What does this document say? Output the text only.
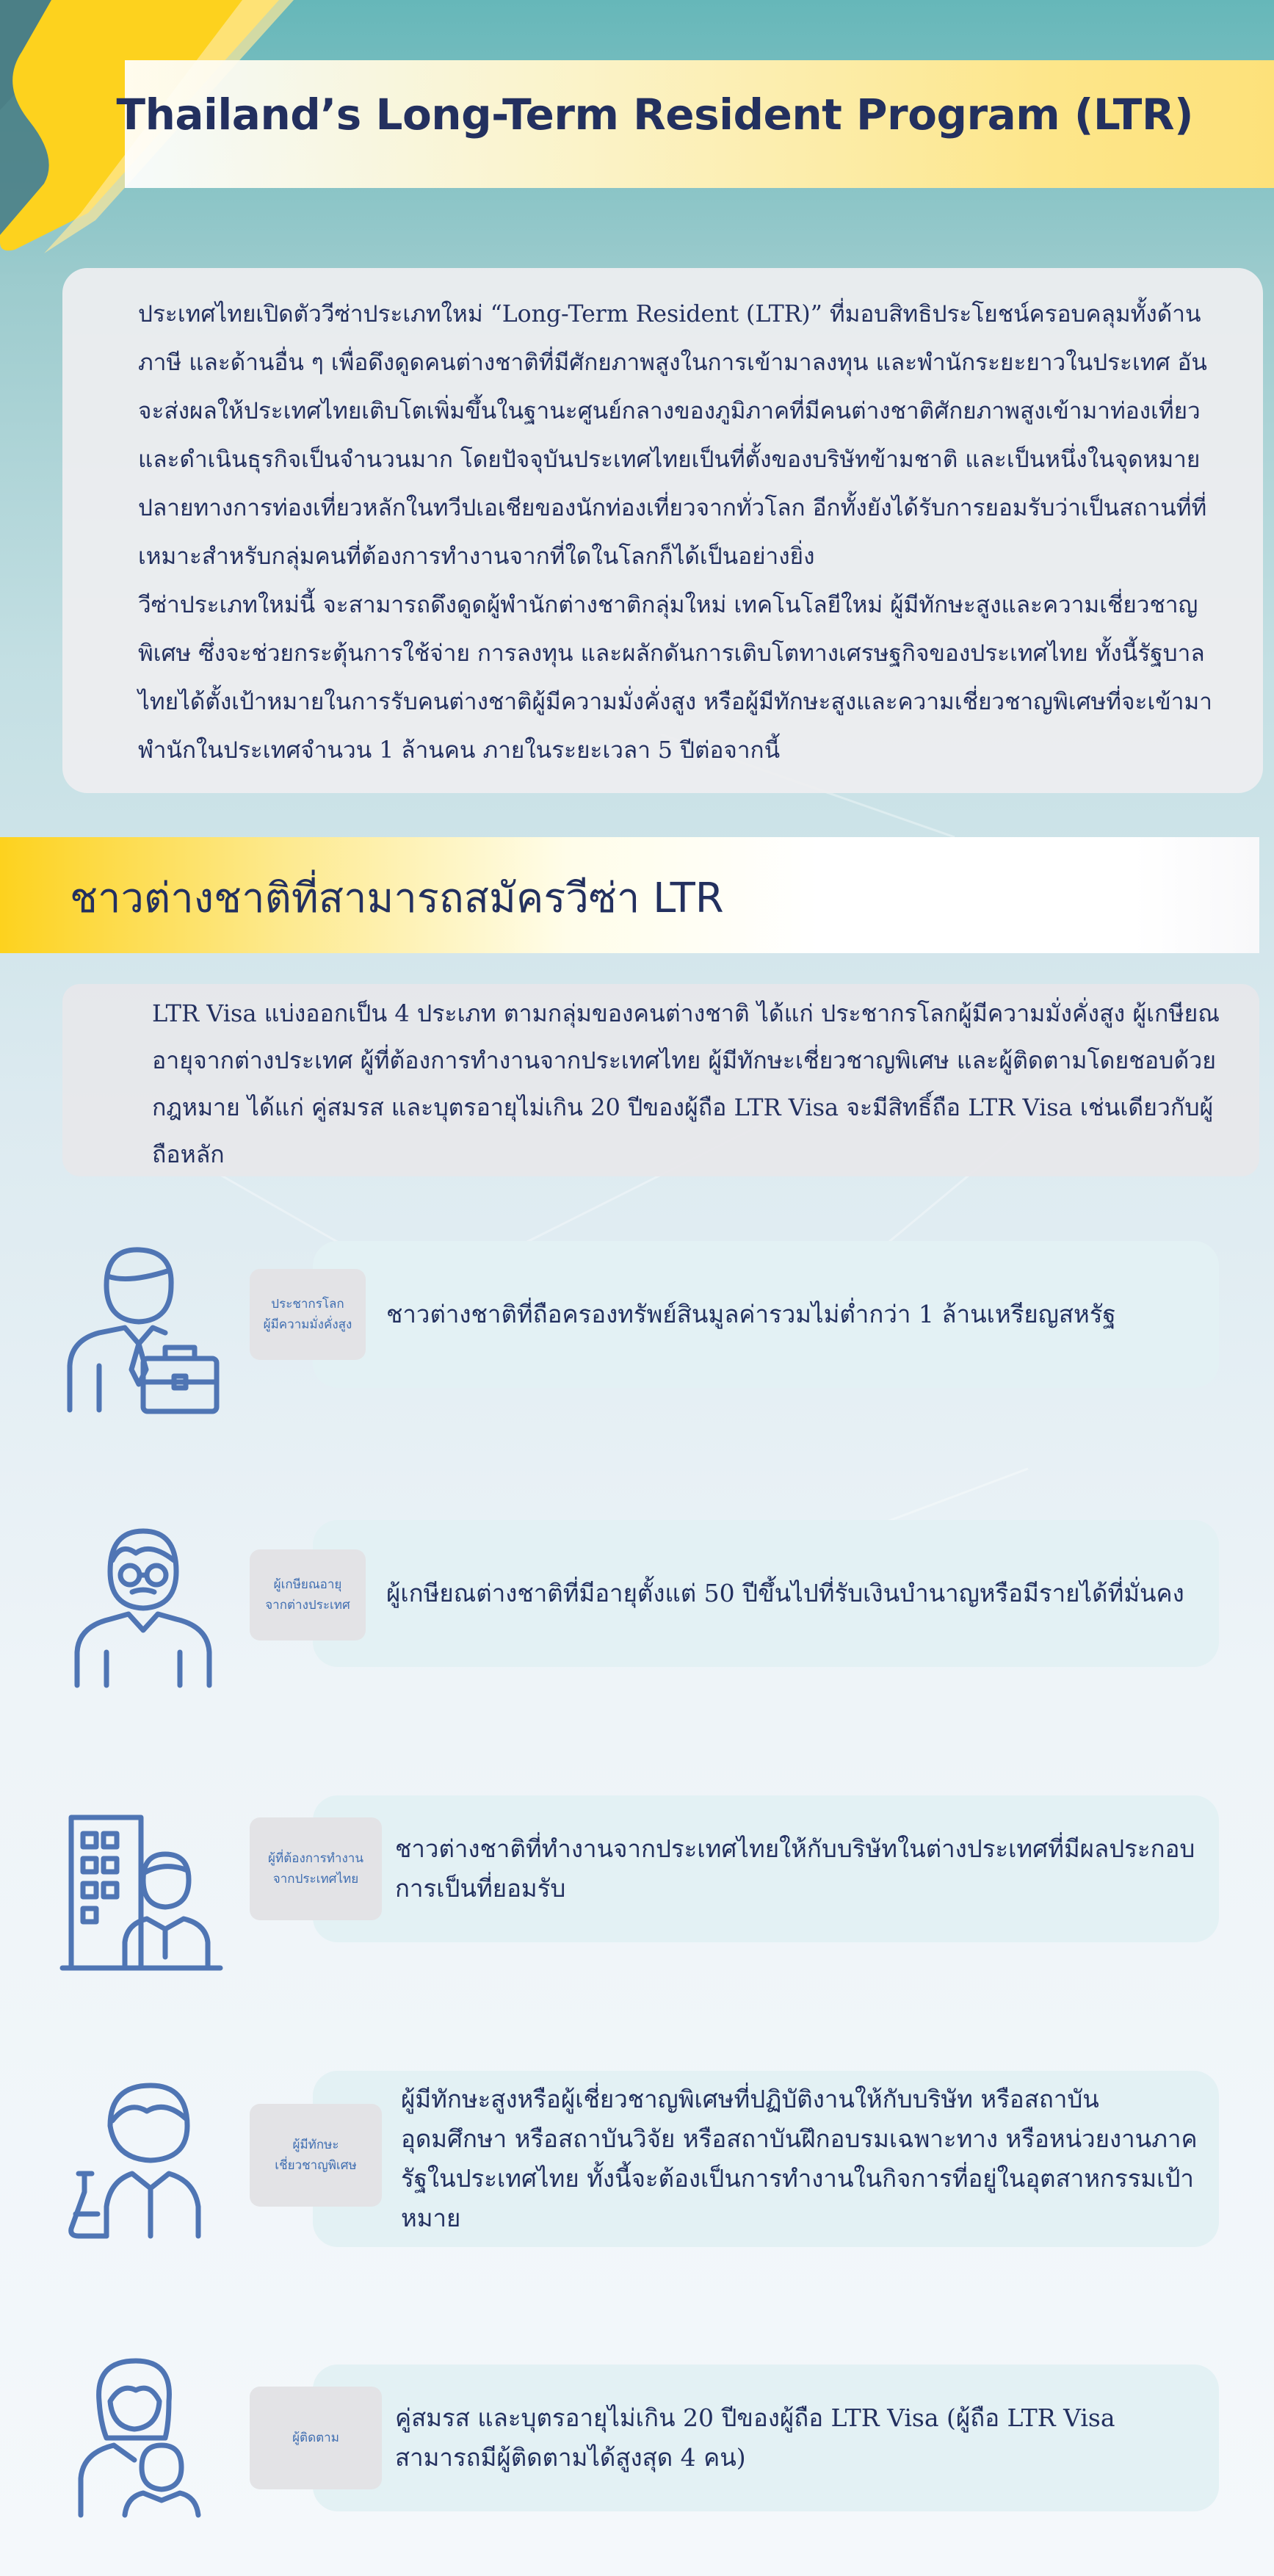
Thailand’s Long-Term Resident Program (LTR)

ประเทศไทยเปิดตัววีซ่าประเภทใหม่ “Long-Term Resident (LTR)” ที่มอบสิทธิประโยชน์ครอบคลุมทั้งด้านภาษี และด้านอื่น ๆ เพื่อดึงดูดคนต่างชาติที่มีศักยภาพสูงในการเข้ามาลงทุน และพำนักระยะยาวในประเทศ อันจะส่งผลให้ประเทศไทยเติบโตเพิ่มขึ้นในฐานะศูนย์กลางของภูมิภาคที่มีคนต่างชาติศักยภาพสูงเข้ามาท่องเที่ยวและดำเนินธุรกิจเป็นจำนวนมาก โดยปัจจุบันประเทศไทยเป็นที่ตั้งของบริษัทข้ามชาติ และเป็นหนึ่งในจุดหมายปลายทางการท่องเที่ยวหลักในทวีปเอเชียของนักท่องเที่ยวจากทั่วโลก อีกทั้งยังได้รับการยอมรับว่าเป็นสถานที่ที่เหมาะสำหรับกลุ่มคนที่ต้องการทำงานจากที่ใดในโลกก็ได้เป็นอย่างยิ่ง

วีซ่าประเภทใหม่นี้ จะสามารถดึงดูดผู้พำนักต่างชาติกลุ่มใหม่ เทคโนโลยีใหม่ ผู้มีทักษะสูงและความเชี่ยวชาญพิเศษ ซึ่งจะช่วยกระตุ้นการใช้จ่าย การลงทุน และผลักดันการเติบโตทางเศรษฐกิจของประเทศไทย ทั้งนี้รัฐบาลไทยได้ตั้งเป้าหมายในการรับคนต่างชาติผู้มีความมั่งคั่งสูง หรือผู้มีทักษะสูงและความเชี่ยวชาญพิเศษที่จะเข้ามาพำนักในประเทศจำนวน 1 ล้านคน ภายในระยะเวลา 5 ปีต่อจากนี้

ชาวต่างชาติที่สามารถสมัครวีซ่า LTR

LTR Visa แบ่งออกเป็น 4 ประเภท ตามกลุ่มของคนต่างชาติ ได้แก่ ประชากรโลกผู้มีความมั่งคั่งสูง ผู้เกษียณอายุจากต่างประเทศ ผู้ที่ต้องการทำงานจากประเทศไทย ผู้มีทักษะเชี่ยวชาญพิเศษ และผู้ติดตามโดยชอบด้วยกฎหมาย ได้แก่ คู่สมรส และบุตรอายุไม่เกิน 20 ปีของผู้ถือ LTR Visa จะมีสิทธิ์ถือ LTR Visa เช่นเดียวกับผู้ถือหลัก

ชาวต่างชาติที่ถือครองทรัพย์สินมูลค่ารวมไม่ต่ำกว่า 1 ล้านเหรียญสหรัฐ
ประชากรโลก
ผู้มีความมั่งคั่งสูง
ผู้เกษียณต่างชาติที่มีอายุตั้งแต่ 50 ปีขึ้นไปที่รับเงินบำนาญหรือมีรายได้ที่มั่นคง
ผู้เกษียณอายุ
จากต่างประเทศ
ชาวต่างชาติที่ทำงานจากประเทศไทยให้กับบริษัทในต่างประเทศที่มีผลประกอบการเป็นที่ยอมรับ
ผู้ที่ต้องการทำงาน
จากประเทศไทย
ผู้มีทักษะสูงหรือผู้เชี่ยวชาญพิเศษที่ปฏิบัติงานให้กับบริษัท หรือสถาบันอุดมศึกษา หรือสถาบันวิจัย หรือสถาบันฝึกอบรมเฉพาะทาง หรือหน่วยงานภาครัฐในประเทศไทย ทั้งนี้จะต้องเป็นการทำงานในกิจการที่อยู่ในอุตสาหกรรมเป้าหมาย
ผู้มีทักษะ
เชี่ยวชาญพิเศษ
คู่สมรส และบุตรอายุไม่เกิน 20 ปีของผู้ถือ LTR Visa (ผู้ถือ LTR Visa สามารถมีผู้ติดตามได้สูงสุด 4 คน)
ผู้ติดตาม
